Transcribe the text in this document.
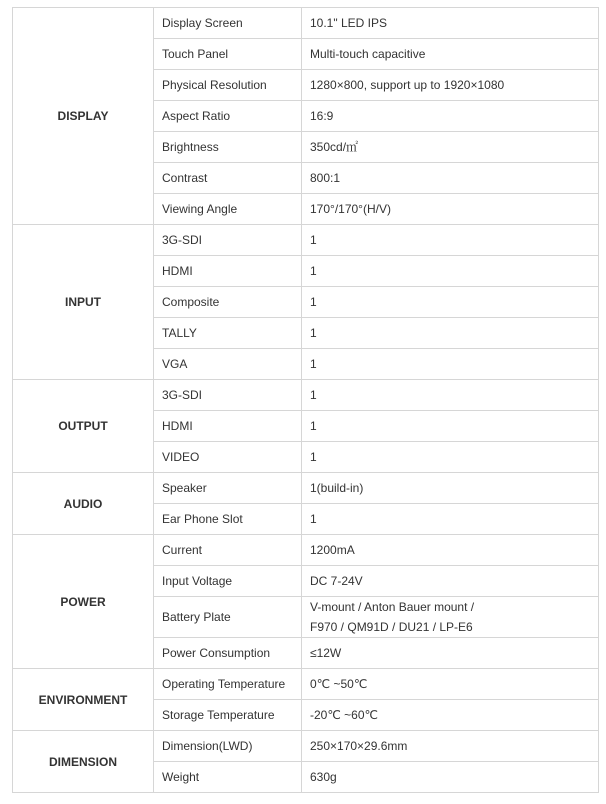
DISPLAY	Display Screen	10.1" LED IPS
	Touch Panel	Multi-touch capacitive
	Physical Resolution	1280×800, support up to 1920×1080
	Aspect Ratio	16:9
	Brightness	350cd/㎡
	Contrast	800:1
	Viewing Angle	170°/170°(H/V)
INPUT	3G-SDI	1
	HDMI	1
	Composite	1
	TALLY	1
	VGA	1
OUTPUT	3G-SDI	1
	HDMI	1
	VIDEO	1
AUDIO	Speaker	1(build-in)
	Ear Phone Slot	1
POWER	Current	1200mA
	Input Voltage	DC 7-24V
	Battery Plate	V-mount / Anton Bauer mount /
F970 / QM91D / DU21 / LP-E6

	Power Consumption	≤12W
ENVIRONMENT	Operating Temperature	0℃ ~50℃
	Storage Temperature	-20℃ ~60℃
DIMENSION	Dimension(LWD)	250×170×29.6mm
	Weight	630g
